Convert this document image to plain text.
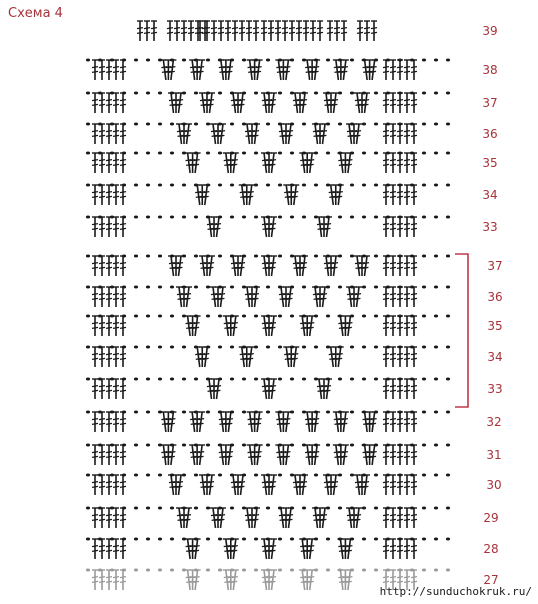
Схема 4
39
38
37
36
35
34
33
37
36
35
34
33
32
31
30
29
28
27
http://sunduchokruk.ru/
